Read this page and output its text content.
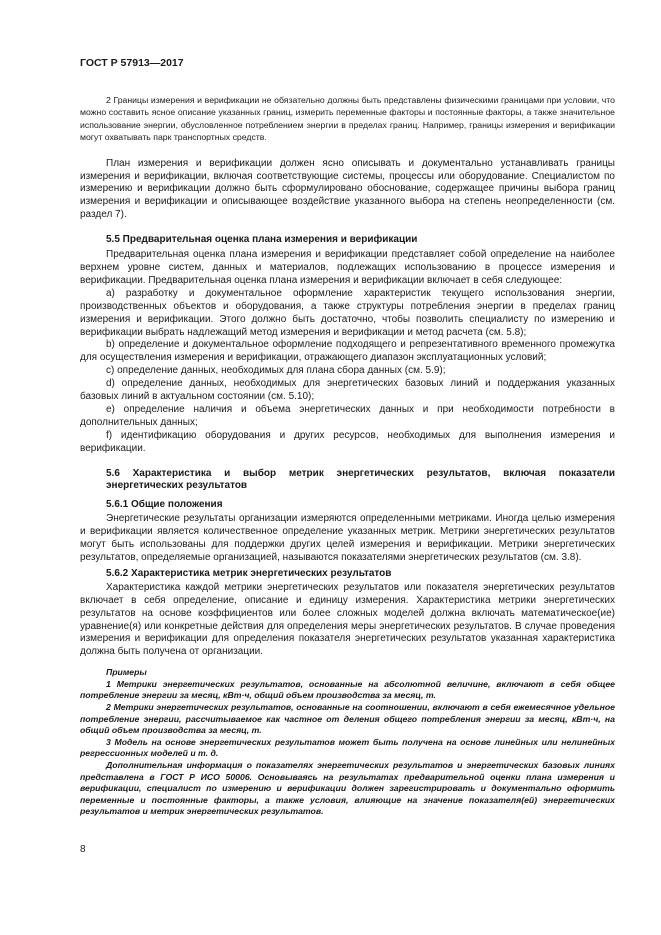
ГОСТ Р 57913—2017

2 Границы измерения и верификации не обязательно должны быть представлены физическими границами при условии, что можно составить ясное описание указанных границ, измерить переменные факторы и постоянные факторы, а также значительное использование энергии, обусловленное потреблением энергии в пределах границ. Например, границы измерения и верификации могут охватывать парк транспортных средств.

План измерения и верификации должен ясно описывать и документально устанавливать границы измерения и верификации, включая соответствующие системы, процессы или оборудование. Специалистом по измерению и верификации должно быть сформулировано обоснование, содержащее причины выбора границ измерения и верификации и описывающее воздействие указанного выбора на степень неопределенности (см. раздел 7).

5.5 Предварительная оценка плана измерения и верификации

Предварительная оценка плана измерения и верификации представляет собой определение на наиболее верхнем уровне систем, данных и материалов, подлежащих использованию в процессе измерения и верификации. Предварительная оценка плана измерения и верификации включает в себя следующее:

a) разработку и документальное оформление характеристик текущего использования энергии, производственных объектов и оборудования, а также структуры потребления энергии в пределах границ измерения и верификации. Этого должно быть достаточно, чтобы позволить специалисту по измерению и верификации выбрать надлежащий метод измерения и верификации и метод расчета (см. 5.8);

b) определение и документальное оформление подходящего и репрезентативного временного промежутка для осуществления измерения и верификации, отражающего диапазон эксплуатационных условий;

c) определение данных, необходимых для плана сбора данных (см. 5.9);

d) определение данных, необходимых для энергетических базовых линий и поддержания указанных базовых линий в актуальном состоянии (см. 5.10);

e) определение наличия и объема энергетических данных и при необходимости потребности в дополнительных данных;

f) идентификацию оборудования и других ресурсов, необходимых для выполнения измерения и верификации.

5.6 Характеристика и выбор метрик энергетических результатов, включая показатели энергетических результатов
5.6.1 Общие положения

Энергетические результаты организации измеряются определенными метриками. Иногда целью измерения и верификации является количественное определение указанных метрик. Метрики энергетических результатов могут быть использованы для поддержки других целей измерения и верификации. Метрики энергетических результатов, определяемые организацией, называются показателями энергетических результатов (см. 3.8).

5.6.2 Характеристика метрик энергетических результатов

Характеристика каждой метрики энергетических результатов или показателя энергетических результатов включает в себя определение, описание и единицу измерения. Характеристика метрики энергетических результатов на основе коэффициентов или более сложных моделей должна включать математическое(ие) уравнение(я) или конкретные действия для определения меры энергетических результатов. В случае проведения измерения и верификации для определения показателя энергетических результатов указанная характеристика должна быть получена от организации.

Примеры

1 Метрики энергетических результатов, основанные на абсолютной величине, включают в себя общее потребление энергии за месяц, кВт·ч, общий объем производства за месяц, т.

2 Метрики энергетических результатов, основанные на соотношении, включают в себя ежемесячное удельное потребление энергии, рассчитываемое как частное от деления общего потребления энергии за месяц, кВт·ч, на общий объем производства за месяц, т.

3 Модель на основе энергетических результатов может быть получена на основе линейных или нелинейных регрессионных моделей и т. д.

Дополнительная информация о показателях энергетических результатов и энергетических базовых линиях представлена в ГОСТ Р ИСО 50006. Основываясь на результатах предварительной оценки плана измерения и верификации, специалист по измерению и верификации должен зарегистрировать и документально оформить переменные и постоянные факторы, а также условия, влияющие на значение показателя(ей) энергетических результатов и метрик энергетических результатов.

8
